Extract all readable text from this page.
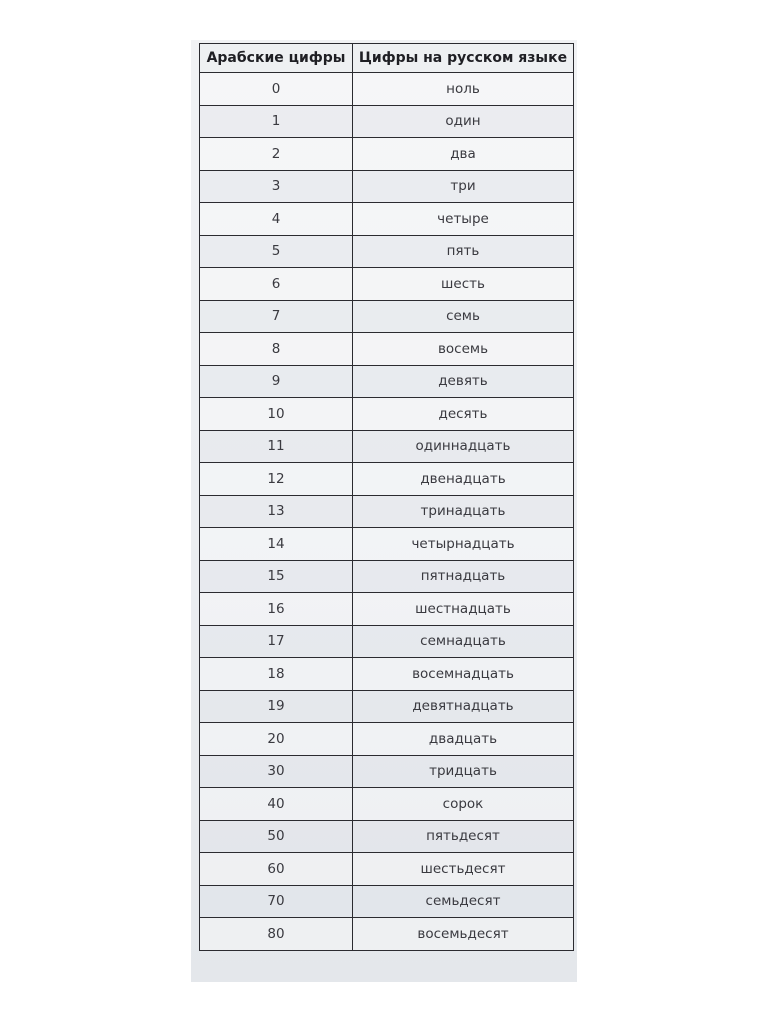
Арабские цифры	Цифры на русском языке
0	ноль
1	один
2	два
3	три
4	четыре
5	пять
6	шесть
7	семь
8	восемь
9	девять
10	десять
11	одиннадцать
12	двенадцать
13	тринадцать
14	четырнадцать
15	пятнадцать
16	шестнадцать
17	семнадцать
18	восемнадцать
19	девятнадцать
20	двадцать
30	тридцать
40	сорок
50	пятьдесят
60	шестьдесят
70	семьдесят
80	восемьдесят
